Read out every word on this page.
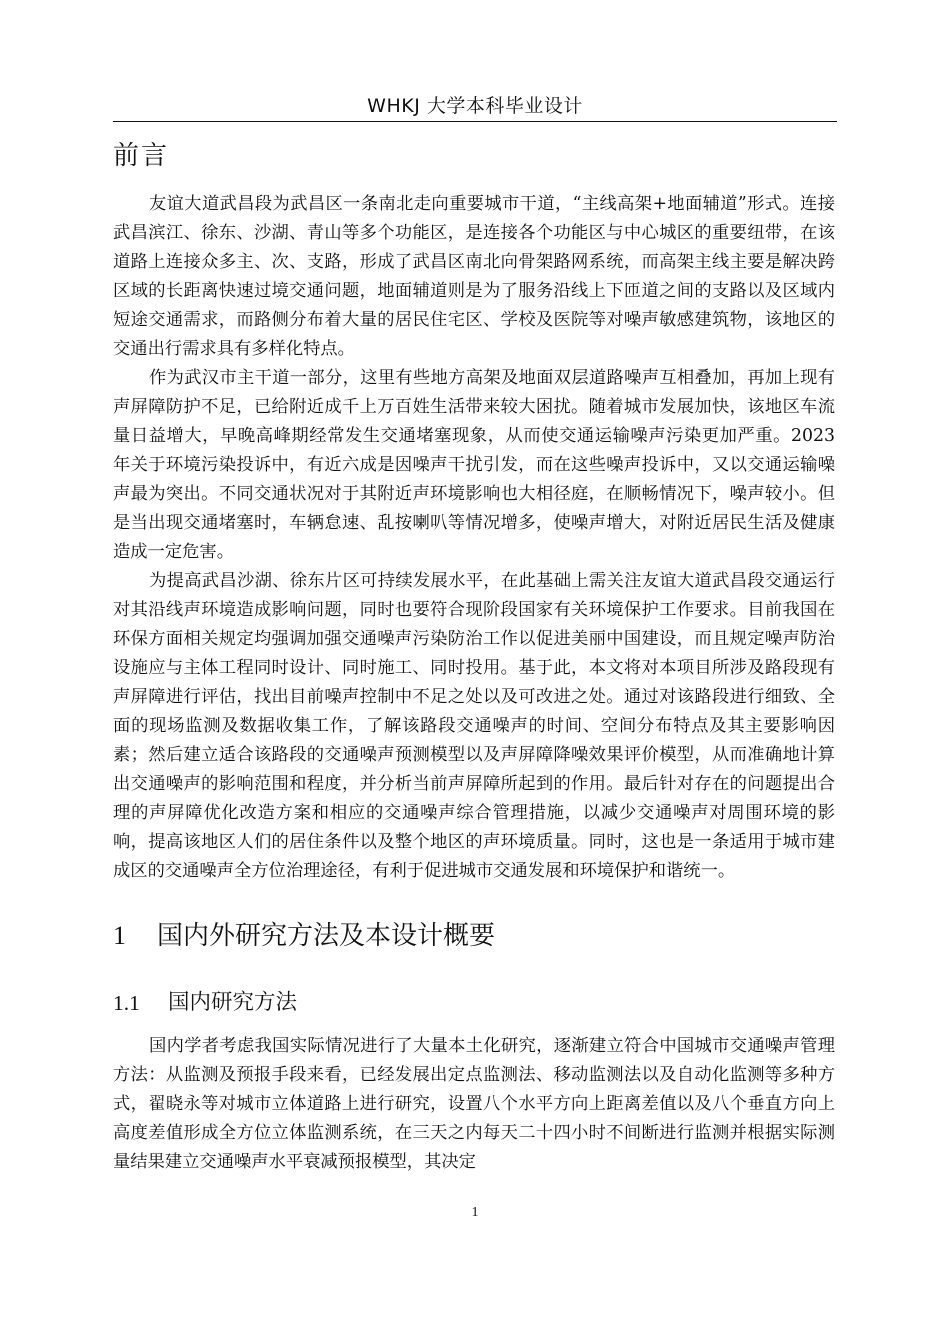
WHKJ 大学本科毕业设计
前言

友谊大道武昌段为武昌区一条南北走向重要城市干道，“主线高架+地面辅道”形式。连接武昌滨江、徐东、沙湖、青山等多个功能区，是连接各个功能区与中心城区的重要纽带，在该道路上连接众多主、次、支路，形成了武昌区南北向骨架路网系统，而高架主线主要是解决跨区域的长距离快速过境交通问题，地面辅道则是为了服务沿线上下匝道之间的支路以及区域内短途交通需求，而路侧分布着大量的居民住宅区、学校及医院等对噪声敏感建筑物，该地区的交通出行需求具有多样化特点。

作为武汉市主干道一部分，这里有些地方高架及地面双层道路噪声互相叠加，再加上现有声屏障防护不足，已给附近成千上万百姓生活带来较大困扰。随着城市发展加快，该地区车流量日益增大，早晚高峰期经常发生交通堵塞现象，从而使交通运输噪声污染更加严重。2023 年关于环境污染投诉中，有近六成是因噪声干扰引发，而在这些噪声投诉中，又以交通运输噪声最为突出。不同交通状况对于其附近声环境影响也大相径庭，在顺畅情况下，噪声较小。但是当出现交通堵塞时，车辆怠速、乱按喇叭等情况增多，使噪声增大，对附近居民生活及健康造成一定危害。

为提高武昌沙湖、徐东片区可持续发展水平，在此基础上需关注友谊大道武昌段交通运行对其沿线声环境造成影响问题，同时也要符合现阶段国家有关环境保护工作要求。目前我国在环保方面相关规定均强调加强交通噪声污染防治工作以促进美丽中国建设，而且规定噪声防治设施应与主体工程同时设计、同时施工、同时投用。基于此，本文将对本项目所涉及路段现有声屏障进行评估，找出目前噪声控制中不足之处以及可改进之处。通过对该路段进行细致、全面的现场监测及数据收集工作，了解该路段交通噪声的时间、空间分布特点及其主要影响因素；然后建立适合该路段的交通噪声预测模型以及声屏障降噪效果评价模型，从而准确地计算出交通噪声的影响范围和程度，并分析当前声屏障所起到的作用。最后针对存在的问题提出合理的声屏障优化改造方案和相应的交通噪声综合管理措施，以减少交通噪声对周围环境的影响，提高该地区人们的居住条件以及整个地区的声环境质量。同时，这也是一条适用于城市建成区的交通噪声全方位治理途径，有利于促进城市交通发展和环境保护和谐统一。

1	国内外研究方法及本设计概要
1.1	国内研究方法

国内学者考虑我国实际情况进行了大量本土化研究，逐渐建立符合中国城市交通噪声管理方法：从监测及预报手段来看，已经发展出定点监测法、移动监测法以及自动化监测等多种方式，翟晓永等对城市立体道路上进行研究，设置八个水平方向上距离差值以及八个垂直方向上高度差值形成全方位立体监测系统，在三天之内每天二十四小时不间断进行监测并根据实际测量结果建立交通噪声水平衰减预报模型，其决定

1
